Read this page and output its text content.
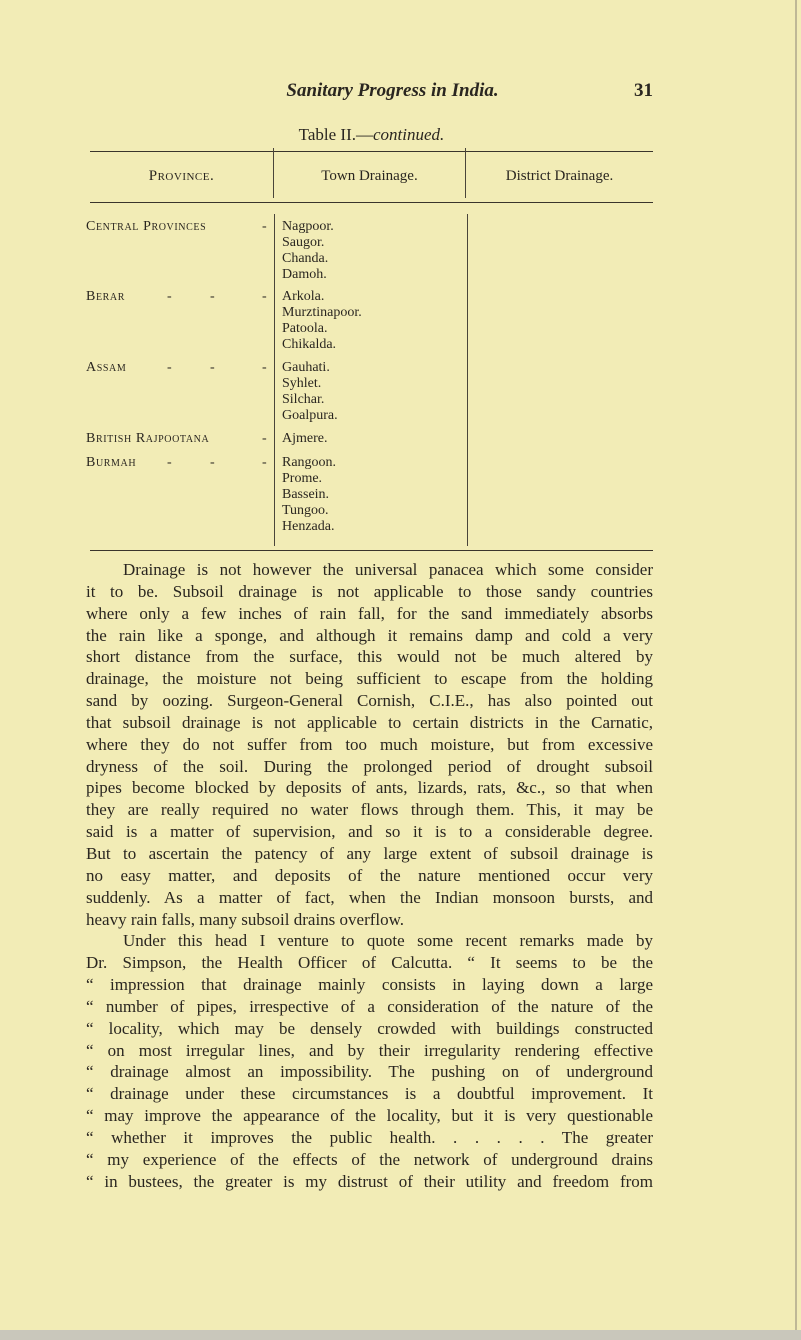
Sanitary Progress in India.	31
Table II.—continued.
Province.	Town Drainage.	District Drainage.
Central Provinces	- Nagpoor.
Saugor.
Chanda.
Damoh.
Berar	-	-	- Arkola.
Murztinapoor.
Patoola.
Chikalda.
Assam	-	-	- Gauhati.
Syhlet.
Silchar.
Goalpura.
British Rajpootana	- Ajmere.
Burmah -	-	- Rangoon.
Prome.
Bassein.
Tungoo.
Henzada.
Drainage is not however the universal panacea which some consider
it to be. Subsoil drainage is not applicable to those sandy countries
where only a few inches of rain fall, for the sand immediately absorbs
the rain like a sponge, and although it remains damp and cold a very
short distance from the surface, this would not be much altered by
drainage, the moisture not being sufficient to escape from the holding
sand by oozing. Surgeon-General Cornish, C.I.E., has also pointed out
that subsoil drainage is not applicable to certain districts in the Carnatic,
where they do not suffer from too much moisture, but from excessive
dryness of the soil. During the prolonged period of drought subsoil
pipes become blocked by deposits of ants, lizards, rats, &c., so that when
they are really required no water flows through them. This, it may be
said is a matter of supervision, and so it is to a considerable degree.
But to ascertain the patency of any large extent of subsoil drainage is
no easy matter, and deposits of the nature mentioned occur very
suddenly. As a matter of fact, when the Indian monsoon bursts, and
heavy rain falls, many subsoil drains overflow.
Under this head I venture to quote some recent remarks made by
Dr. Simpson, the Health Officer of Calcutta. “ It seems to be the
“ impression that drainage mainly consists in laying down a large
“ number of pipes, irrespective of a consideration of the nature of the
“ locality, which may be densely crowded with buildings constructed
“ on most irregular lines, and by their irregularity rendering effective
“ drainage almost an impossibility. The pushing on of underground
“ drainage under these circumstances is a doubtful improvement. It
“ may improve the appearance of the locality, but it is very questionable
“ whether it improves the public health. . . . . . The greater
“ my experience of the effects of the network of underground drains
“ in bustees, the greater is my distrust of their utility and freedom from
